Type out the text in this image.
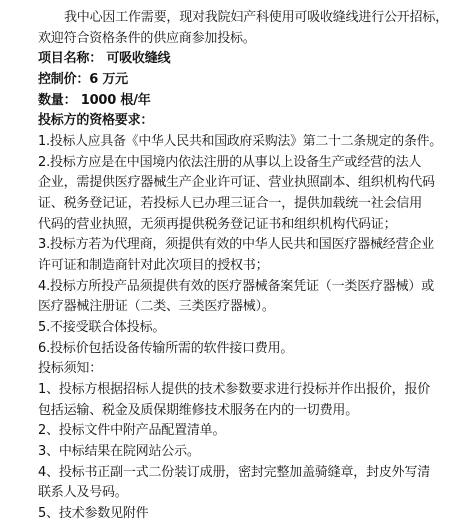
我中心因工作需要，现对我院妇产科使用可吸收缝线进行公开招标，
欢迎符合资格条件的供应商参加投标。
项目名称： 可吸收缝线
控制价：6 万元
数量： 1000 根/年
投标方的资格要求：
1.投标人应具备《中华人民共和国政府采购法》第二十二条规定的条件。
2.投标方应是在中国境内依法注册的从事以上设备生产或经营的法人
企业，需提供医疗器械生产企业许可证、营业执照副本、组织机构代码
证、税务登记证，若投标人已办理三证合一，提供加载统一社会信用
代码的营业执照，无须再提供税务登记证书和组织机构代码证；
3.投标方若为代理商，须提供有效的中华人民共和国医疗器械经营企业
许可证和制造商针对此次项目的授权书；
4.投标方所投产品须提供有效的医疗器械备案凭证（一类医疗器械）或
医疗器械注册证（二类、三类医疗器械）。
5.不接受联合体投标。
6.投标价包括设备传输所需的软件接口费用。
投标须知：
1、投标方根据招标人提供的技术参数要求进行投标并作出报价，报价
包括运输、税金及质保期维修技术服务在内的一切费用。
2、投标文件中附产品配置清单。
3、中标结果在院网站公示。
4、投标书正副一式二份装订成册，密封完整加盖骑缝章，封皮外写清
联系人及号码。
5、技术参数见附件
